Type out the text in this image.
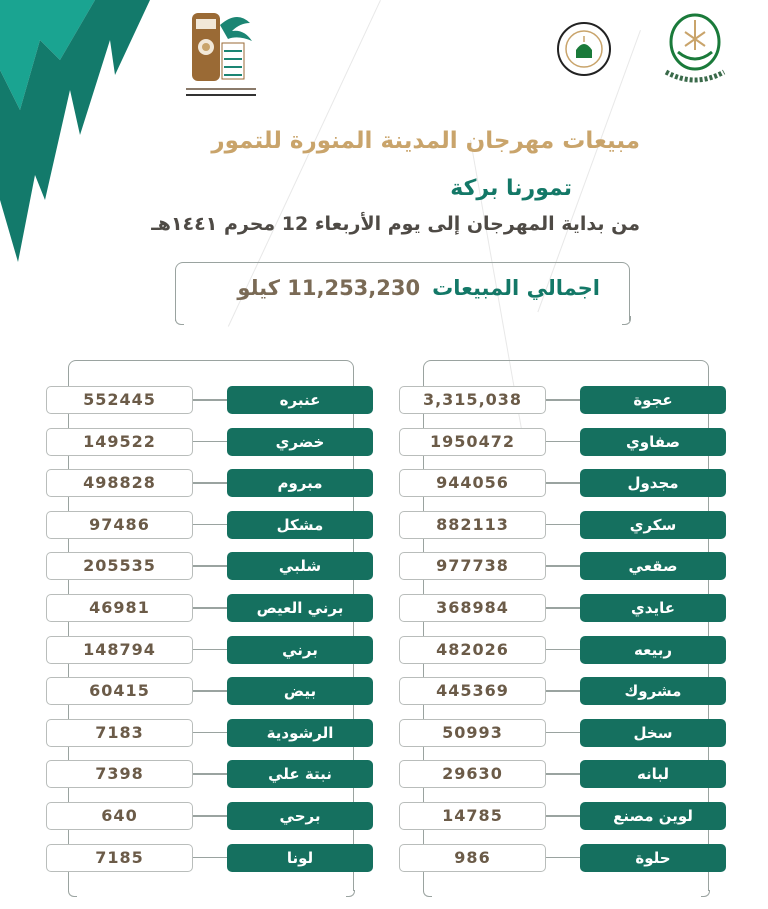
مبيعات مهرجان المدينة المنورة للتمور
تمورنا بركة
من بداية المهرجان إلى يوم الأربعاء 12 محرم ١٤٤١هـ
اجمالي المبيعات11,253,230 كيلو
3,315,038	عجوة
1950472	صفاوي
944056	مجدول
882113	سكري
977738	صقعي
368984	عايدي
482026	ربيعه
445369	مشروك
50993	سخل
29630	لبانه
14785	لوين مصنع
986	حلوة
552445	عنبره
149522	خضري
498828	مبروم
97486	مشكل
205535	شلبي
46981	برني العيص
148794	برني
60415	بيض
7183	الرشودية
7398	نبتة علي
640	برحي
7185	لونا
